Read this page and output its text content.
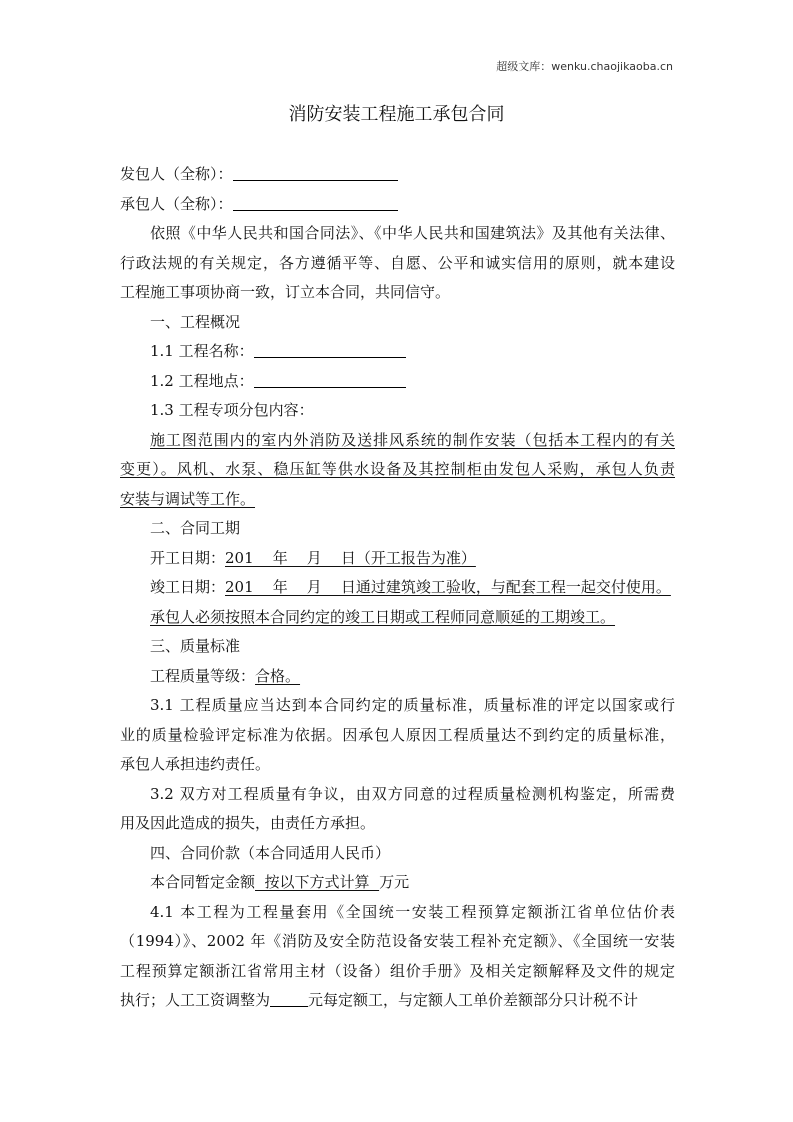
超级文库：wenku.chaojikaoba.cn
消防安装工程施工承包合同
发包人（全称）：
承包人（全称）：
依照《中华人民共和国合同法》、《中华人民共和国建筑法》及其他有关法律、
行政法规的有关规定，各方遵循平等、自愿、公平和诚实信用的原则，就本建设
工程施工事项协商一致，订立本合同，共同信守。
一、工程概况
1.1 工程名称：
1.2 工程地点：
1.3 工程专项分包内容：
施工图范围内的室内外消防及送排风系统的制作安装（包括本工程内的有关
变更）。风机、水泵、稳压缸等供水设备及其控制柜由发包人采购，承包人负责
安装与调试等工作。
二、合同工期
开工日期：201    年    月    日（开工报告为准）
竣工日期：201    年    月    日通过建筑竣工验收，与配套工程一起交付使用。
承包人必须按照本合同约定的竣工日期或工程师同意顺延的工期竣工。
三、质量标准
工程质量等级：合格。
3.1 工程质量应当达到本合同约定的质量标准，质量标准的评定以国家或行
业的质量检验评定标准为依据。因承包人原因工程质量达不到约定的质量标准，
承包人承担违约责任。
3.2 双方对工程质量有争议，由双方同意的过程质量检测机构鉴定，所需费
用及因此造成的损失，由责任方承担。
四、合同价款（本合同适用人民币）
本合同暂定金额  按以下方式计算  万元
4.1 本工程为工程量套用《全国统一安装工程预算定额浙江省单位估价表
（1994）》、2002 年《消防及安全防范设备安装工程补充定额》、《全国统一安装
工程预算定额浙江省常用主材（设备）组价手册》及相关定额解释及文件的规定
执行；人工工资调整为	元每定额工，与定额人工单价差额部分只计税不计
